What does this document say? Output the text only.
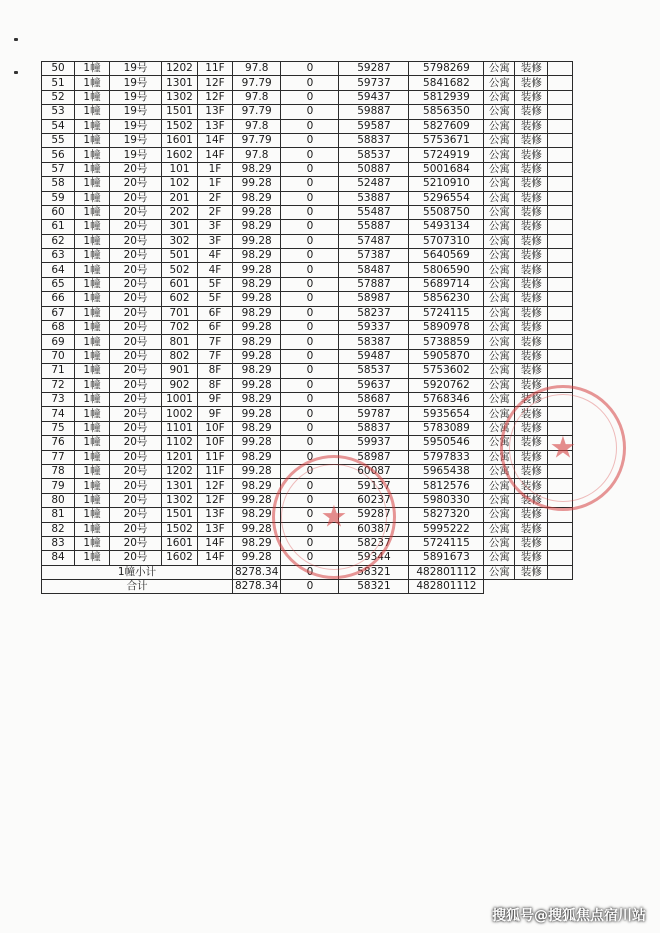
50	1幢	19号	1202	11F	97.8	0	59287	5798269	公寓	装修	
51	1幢	19号	1301	12F	97.79	0	59737	5841682	公寓	装修	
52	1幢	19号	1302	12F	97.8	0	59437	5812939	公寓	装修	
53	1幢	19号	1501	13F	97.79	0	59887	5856350	公寓	装修	
54	1幢	19号	1502	13F	97.8	0	59587	5827609	公寓	装修	
55	1幢	19号	1601	14F	97.79	0	58837	5753671	公寓	装修	
56	1幢	19号	1602	14F	97.8	0	58537	5724919	公寓	装修	
57	1幢	20号	101	1F	98.29	0	50887	5001684	公寓	装修	
58	1幢	20号	102	1F	99.28	0	52487	5210910	公寓	装修	
59	1幢	20号	201	2F	98.29	0	53887	5296554	公寓	装修	
60	1幢	20号	202	2F	99.28	0	55487	5508750	公寓	装修	
61	1幢	20号	301	3F	98.29	0	55887	5493134	公寓	装修	
62	1幢	20号	302	3F	99.28	0	57487	5707310	公寓	装修	
63	1幢	20号	501	4F	98.29	0	57387	5640569	公寓	装修	
64	1幢	20号	502	4F	99.28	0	58487	5806590	公寓	装修	
65	1幢	20号	601	5F	98.29	0	57887	5689714	公寓	装修	
66	1幢	20号	602	5F	99.28	0	58987	5856230	公寓	装修	
67	1幢	20号	701	6F	98.29	0	58237	5724115	公寓	装修	
68	1幢	20号	702	6F	99.28	0	59337	5890978	公寓	装修	
69	1幢	20号	801	7F	98.29	0	58387	5738859	公寓	装修	
70	1幢	20号	802	7F	99.28	0	59487	5905870	公寓	装修	
71	1幢	20号	901	8F	98.29	0	58537	5753602	公寓	装修	
72	1幢	20号	902	8F	99.28	0	59637	5920762	公寓	装修	
73	1幢	20号	1001	9F	98.29	0	58687	5768346	公寓	装修	
74	1幢	20号	1002	9F	99.28	0	59787	5935654	公寓	装修	
75	1幢	20号	1101	10F	98.29	0	58837	5783089	公寓	装修	
76	1幢	20号	1102	10F	99.28	0	59937	5950546	公寓	装修	
77	1幢	20号	1201	11F	98.29	0	58987	5797833	公寓	装修	
78	1幢	20号	1202	11F	99.28	0	60087	5965438	公寓	装修	
79	1幢	20号	1301	12F	98.29	0	59137	5812576	公寓	装修	
80	1幢	20号	1302	12F	99.28	0	60237	5980330	公寓	装修	
81	1幢	20号	1501	13F	98.29	0	59287	5827320	公寓	装修	
82	1幢	20号	1502	13F	99.28	0	60387	5995222	公寓	装修	
83	1幢	20号	1601	14F	98.29	0	58237	5724115	公寓	装修	
84	1幢	20号	1602	14F	99.28	0	59344	5891673	公寓	装修	
1幢小计					8278.34	0	58321	482801112	公寓	装修	
合计					8278.34	0	58321	482801112			
★
★
搜狐号@搜狐焦点宿川站
